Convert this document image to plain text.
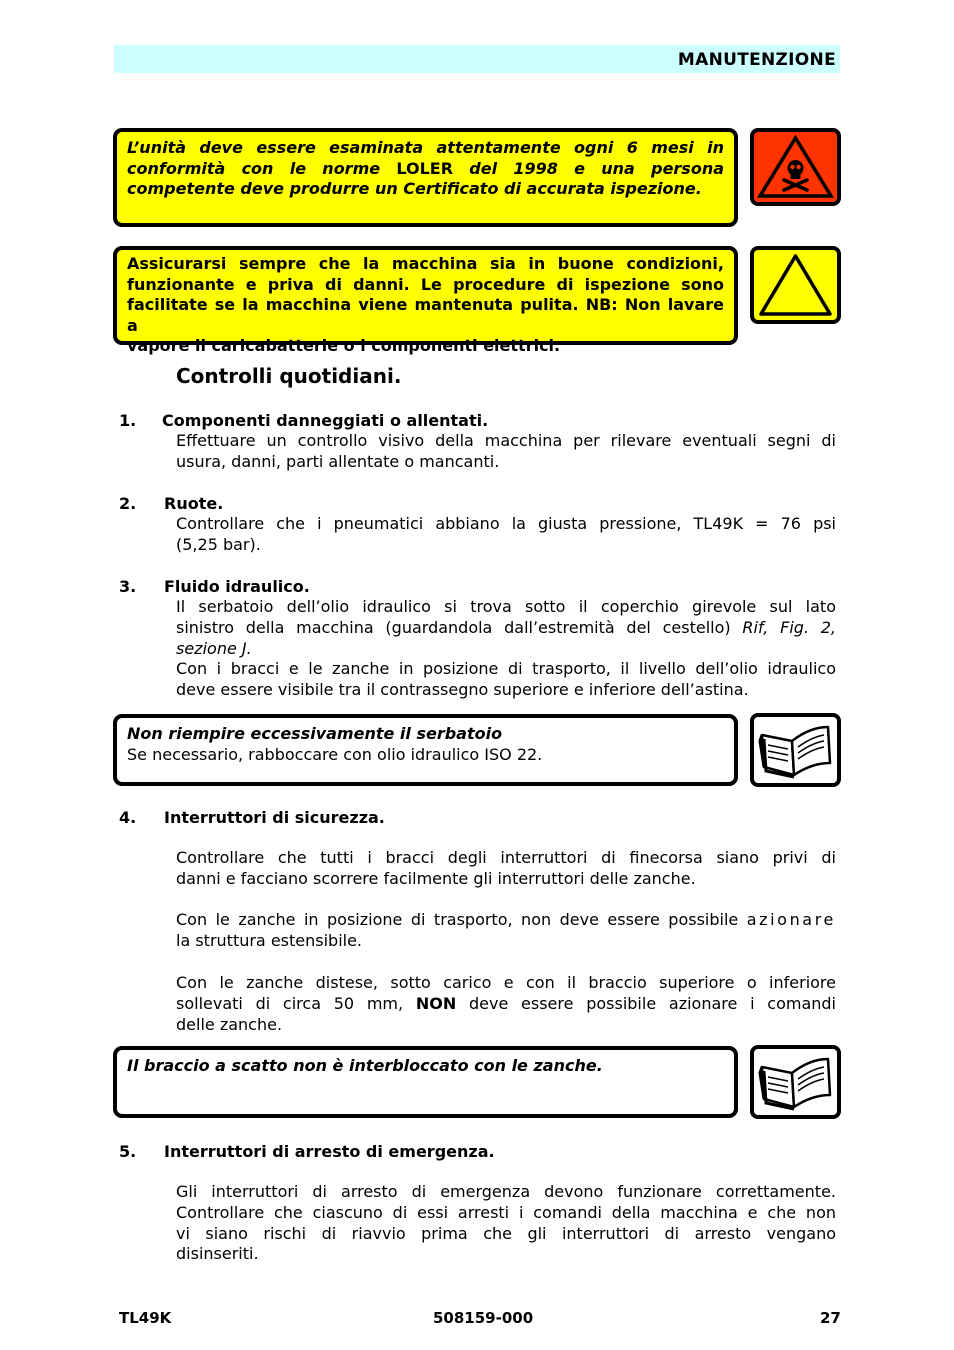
MANUTENZIONE
L’unità deve essere esaminata attentamente ogni 6 mesi in
conformità con le norme LOLER del 1998 e una persona
competente deve produrre un Certificato di accurata ispezione.
Assicurarsi sempre che la macchina sia in buone condizioni,
funzionante e priva di danni. Le procedure di ispezione sono
facilitate se la macchina viene mantenuta pulita. NB: Non lavare a
vapore il caricabatterie o i componenti elettrici.
Controlli quotidiani.
1. Componenti danneggiati o allentati.
Effettuare un controllo visivo della macchina per rilevare eventuali segni di
usura, danni, parti allentate o mancanti.
2. Ruote.
Controllare che i pneumatici abbiano la giusta pressione, TL49K = 76 psi
(5,25 bar).
3. Fluido idraulico.
Il serbatoio dell’olio idraulico si trova sotto il coperchio girevole sul lato
sinistro della macchina (guardandola dall’estremità del cestello) Rif, Fig. 2,
sezione J.
Con i bracci e le zanche in posizione di trasporto, il livello dell’olio idraulico
deve essere visibile tra il contrassegno superiore e inferiore dell’astina.
Non riempire eccessivamente il serbatoio
Se necessario, rabboccare con olio idraulico ISO 22.
4. Interruttori di sicurezza.
Controllare che tutti i bracci degli interruttori di finecorsa siano privi di
danni e facciano scorrere facilmente gli interruttori delle zanche.
Con le zanche in posizione di trasporto, non deve essere possibile azionare
la struttura estensibile.
Con le zanche distese, sotto carico e con il braccio superiore o inferiore
sollevati di circa 50 mm, NON deve essere possibile azionare i comandi
delle zanche.
Il braccio a scatto non è interbloccato con le zanche.
5. Interruttori di arresto di emergenza.
Gli interruttori di arresto di emergenza devono funzionare correttamente.
Controllare che ciascuno di essi arresti i comandi della macchina e che non
vi siano rischi di riavvio prima che gli interruttori di arresto vengano
disinseriti.
TL49K	508159-000	27
